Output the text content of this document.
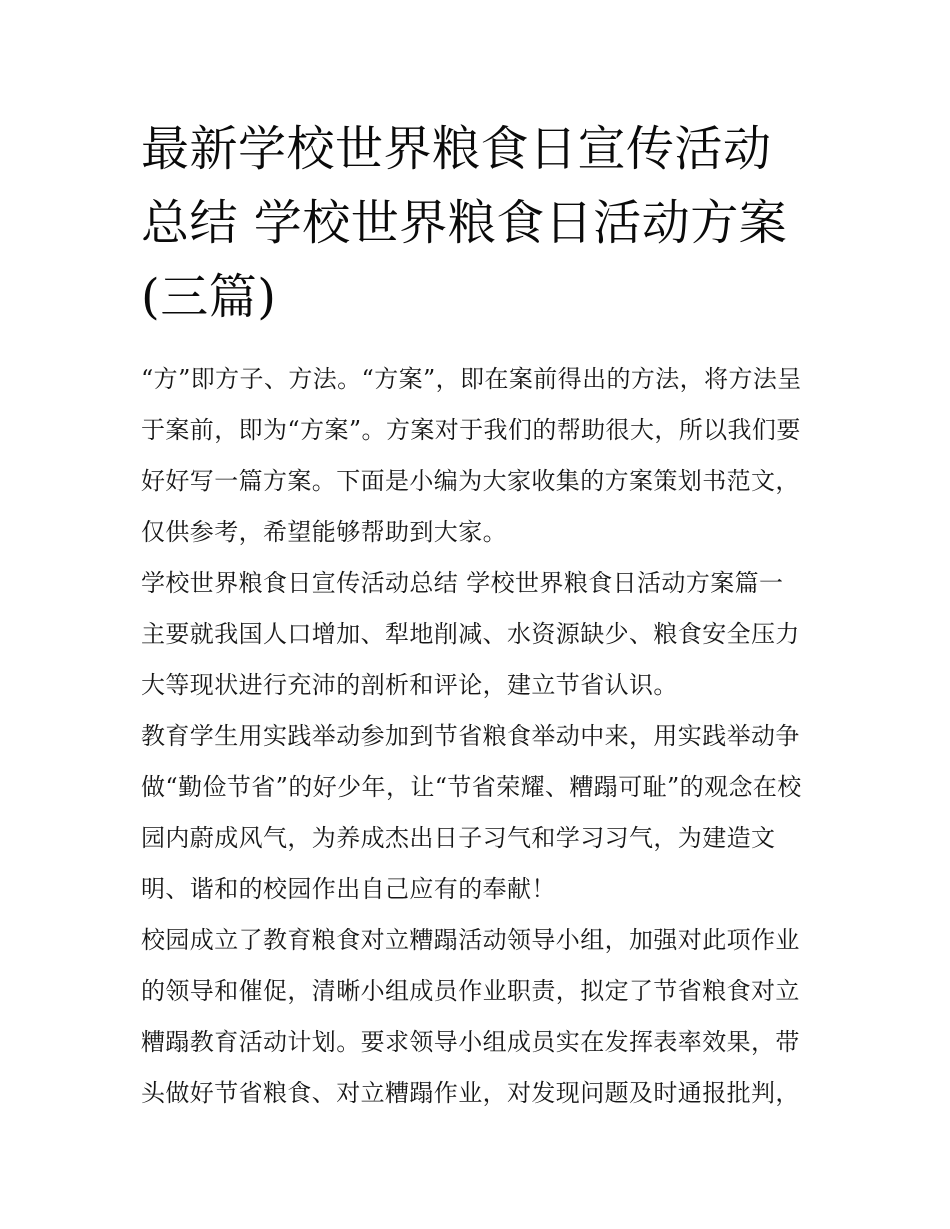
最新学校世界粮食日宣传活动
总结 学校世界粮食日活动方案
(三篇)

“方”即方子、方法。“方案”，即在案前得出的方法，将方法呈
于案前，即为“方案”。方案对于我们的帮助很大，所以我们要
好好写一篇方案。下面是小编为大家收集的方案策划书范文，
仅供参考，希望能够帮助到大家。

学校世界粮食日宣传活动总结 学校世界粮食日活动方案篇一

主要就我国人口增加、犁地削减、水资源缺少、粮食安全压力
大等现状进行充沛的剖析和评论，建立节省认识。

教育学生用实践举动参加到节省粮食举动中来，用实践举动争
做“勤俭节省”的好少年，让“节省荣耀、糟蹋可耻”的观念在校
园内蔚成风气，为养成杰出日子习气和学习习气，为建造文
明、谐和的校园作出自己应有的奉献！

校园成立了教育粮食对立糟蹋活动领导小组，加强对此项作业
的领导和催促，清晰小组成员作业职责，拟定了节省粮食对立
糟蹋教育活动计划。要求领导小组成员实在发挥表率效果，带
头做好节省粮食、对立糟蹋作业，对发现问题及时通报批判，
